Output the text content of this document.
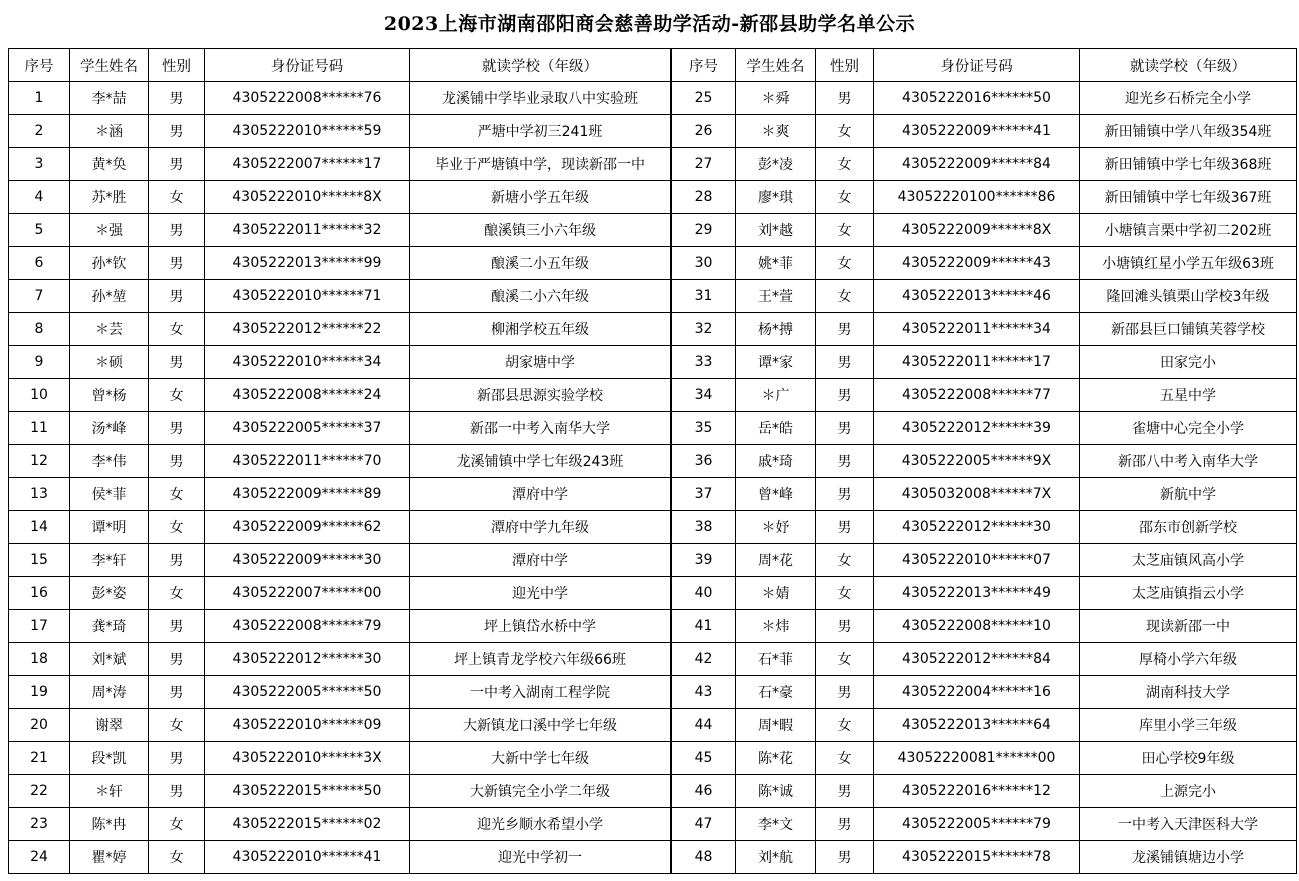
2023上海市湖南邵阳商会慈善助学活动-新邵县助学名单公示
序号	学生姓名	性别	身份证号码	就读学校（年级）
1	李*喆	男	4305222008******76	龙溪铺中学毕业录取八中实验班
2	＊涵	男	4305222010******59	严塘中学初三241班
3	黄*奂	男	4305222007******17	毕业于严塘镇中学，现读新邵一中
4	苏*胜	女	4305222010******8X	新塘小学五年级
5	＊强	男	4305222011******32	酿溪镇三小六年级
6	孙*钦	男	4305222013******99	酿溪二小五年级
7	孙*堃	男	4305222010******71	酿溪二小六年级
8	＊芸	女	4305222012******22	柳湘学校五年级
9	＊硕	男	4305222010******34	胡家塘中学
10	曾*杨	女	4305222008******24	新邵县思源实验学校
11	汤*峰	男	4305222005******37	新邵一中考入南华大学
12	李*伟	男	4305222011******70	龙溪铺镇中学七年级243班
13	侯*菲	女	4305222009******89	潭府中学
14	谭*明	女	4305222009******62	潭府中学九年级
15	李*轩	男	4305222009******30	潭府中学
16	彭*姿	女	4305222007******00	迎光中学
17	龚*琦	男	4305222008******79	坪上镇岱水桥中学
18	刘*斌	男	4305222012******30	坪上镇青龙学校六年级66班
19	周*涛	男	4305222005******50	一中考入湖南工程学院
20	谢翠	女	4305222010******09	大新镇龙口溪中学七年级
21	段*凯	男	4305222010******3X	大新中学七年级
22	＊轩	男	4305222015******50	大新镇完全小学二年级
23	陈*冉	女	4305222015******02	迎光乡顺水希望小学
24	瞿*婷	女	4305222010******41	迎光中学初一
序号	学生姓名	性别	身份证号码	就读学校（年级）
25	＊舜	男	4305222016******50	迎光乡石桥完全小学
26	＊爽	女	4305222009******41	新田铺镇中学八年级354班
27	彭*凌	女	4305222009******84	新田铺镇中学七年级368班
28	廖*琪	女	43052220100******86	新田铺镇中学七年级367班
29	刘*越	女	4305222009******8X	小塘镇言栗中学初二202班
30	姚*菲	女	4305222009******43	小塘镇红星小学五年级63班
31	王*萱	女	4305222013******46	隆回滩头镇栗山学校3年级
32	杨*搏	男	4305222011******34	新邵县巨口铺镇芙蓉学校
33	谭*家	男	4305222011******17	田家完小
34	＊广	男	4305222008******77	五星中学
35	岳*皓	男	4305222012******39	雀塘中心完全小学
36	戚*琦	男	4305222005******9X	新邵八中考入南华大学
37	曾*峰	男	4305032008******7X	新航中学
38	＊妤	男	4305222012******30	邵东市创新学校
39	周*花	女	4305222010******07	太芝庙镇风高小学
40	＊婧	女	4305222013******49	太芝庙镇指云小学
41	＊炜	男	4305222008******10	现读新邵一中
42	石*菲	女	4305222012******84	厚椅小学六年级
43	石*豪	男	4305222004******16	湖南科技大学
44	周*暇	女	4305222013******64	库里小学三年级
45	陈*花	女	43052220081******00	田心学校9年级
46	陈*诚	男	4305222016******12	上源完小
47	李*文	男	4305222005******79	一中考入天津医科大学
48	刘*航	男	4305222015******78	龙溪铺镇塘边小学
